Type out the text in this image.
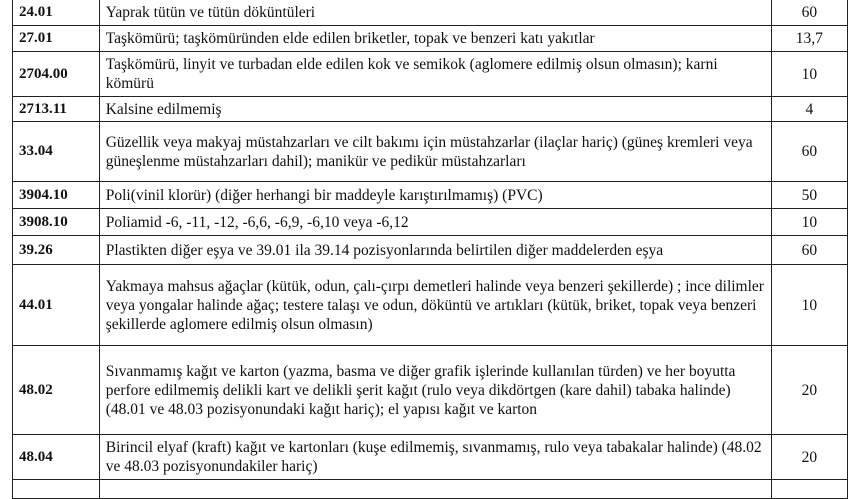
24.01	Yaprak tütün ve tütün döküntüleri	60
27.01	Taşkömürü; taşkömüründen elde edilen briketler, topak ve benzeri katı yakıtlar	13,7
2704.00	Taşkömürü, linyit ve turbadan elde edilen kok ve semikok (aglomere edilmiş olsun olmasın); karni kömürü	10
2713.11	Kalsine edilmemiş	4
33.04	Güzellik veya makyaj müstahzarları ve cilt bakımı için müstahzarlar (ilaçlar hariç) (güneş kremleri veya güneşlenme müstahzarları dahil); manikür ve pedikür müstahzarları	60
3904.10	Poli(vinil klorür) (diğer herhangi bir maddeyle karıştırılmamış) (PVC)	50
3908.10	Poliamid -6, -11, -12, -6,6, -6,9, -6,10 veya -6,12	10
39.26	Plastikten diğer eşya ve 39.01 ila 39.14 pozisyonlarında belirtilen diğer maddelerden eşya	60
44.01	Yakmaya mahsus ağaçlar (kütük, odun, çalı-çırpı demetleri halinde veya benzeri şekillerde) ; ince dilimler veya yongalar halinde ağaç; testere talaşı ve odun, döküntü ve artıkları (kütük, briket, topak veya benzeri şekillerde aglomere edilmiş olsun olmasın)	10
48.02	Sıvanmamış kağıt ve karton (yazma, basma ve diğer grafik işlerinde kullanılan türden) ve her boyutta perfore edilmemiş delikli kart ve delikli şerit kağıt (rulo veya dikdörtgen (kare dahil) tabaka halinde) (48.01 ve 48.03 pozisyonundaki kağıt hariç); el yapısı kağıt ve karton	20
48.04	Birincil elyaf (kraft) kağıt ve kartonları (kuşe edilmemiş, sıvanmamış, rulo veya tabakalar halinde) (48.02 ve 48.03 pozisyonundakiler hariç)	20
